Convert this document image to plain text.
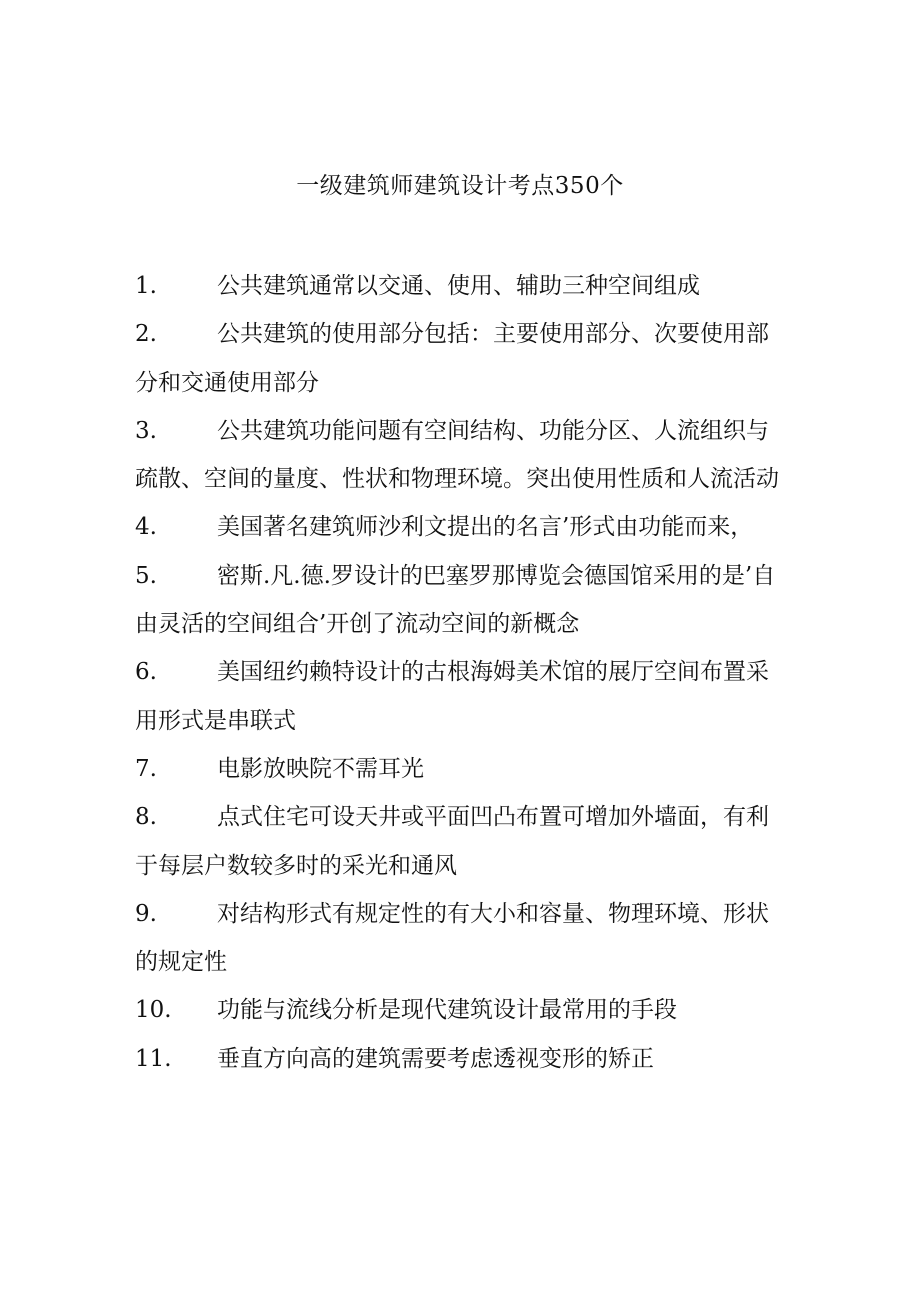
一级建筑师建筑设计考点350个

1.	公共建筑通常以交通、使用、辅助三种空间组成

2.	公共建筑的使用部分包括：主要使用部分、次要使用部分和交通使用部分

3.	公共建筑功能问题有空间结构、功能分区、人流组织与疏散、空间的量度、性状和物理环境。突出使用性质和人流活动

4.	美国著名建筑师沙利文提出的名言’形式由功能而来，

5.	密斯.凡.德.罗设计的巴塞罗那博览会德国馆采用的是’自由灵活的空间组合’开创了流动空间的新概念

6.	美国纽约赖特设计的古根海姆美术馆的展厅空间布置采用形式是串联式

7.	电影放映院不需耳光

8.	点式住宅可设天井或平面凹凸布置可增加外墙面，有利于每层户数较多时的采光和通风

9.	对结构形式有规定性的有大小和容量、物理环境、形状的规定性

10. 功能与流线分析是现代建筑设计最常用的手段

11. 垂直方向高的建筑需要考虑透视变形的矫正
